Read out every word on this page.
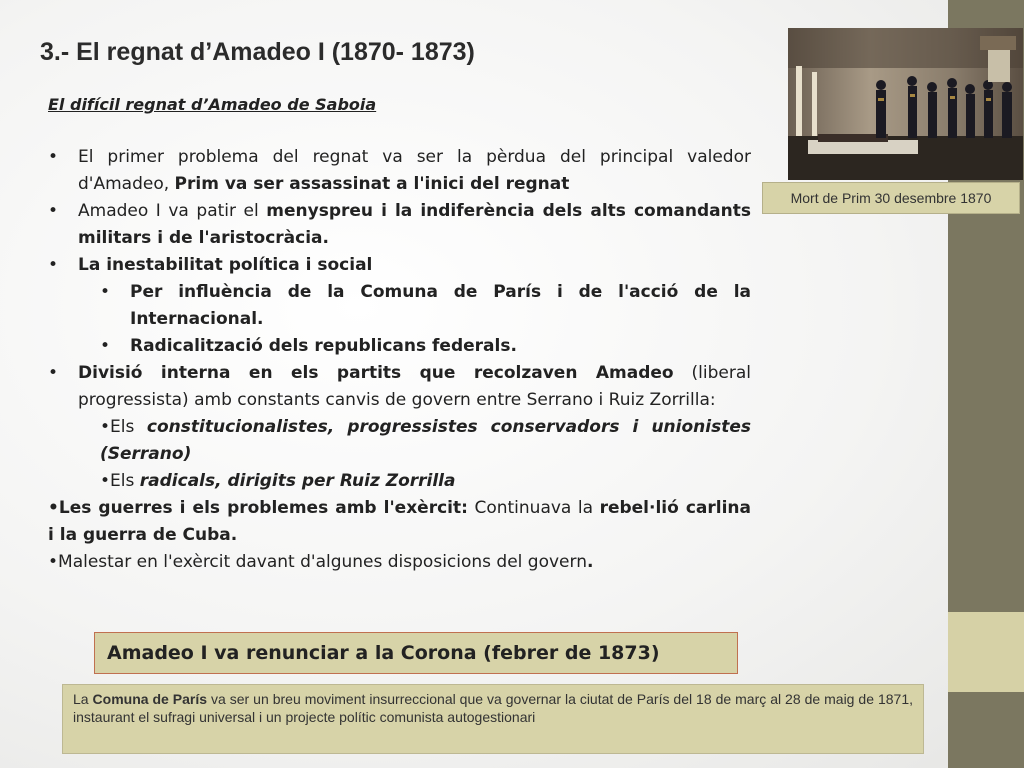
3.- El regnat d’Amadeo I (1870- 1873)

El difícil regnat d’Amadeo de Saboia

• El primer problema del regnat va ser la pèrdua del principal valedor d'Amadeo, Prim va ser assassinat a l'inici del regnat

• Amadeo I va patir el menyspreu i la indiferència dels alts comandants militars i de l'aristocràcia.

• La inestabilitat política i social

• Per influència de la Comuna de París i de l'acció de la Internacional.

• Radicalització dels republicans federals.

• Divisió interna en els partits que recolzaven Amadeo (liberal progressista) amb constants canvis de govern entre Serrano i Ruiz Zorrilla:

•Els constitucionalistes, progressistes conservadors i unionistes (Serrano)

•Els radicals, dirigits per Ruiz Zorrilla

•Les guerres i els problemes amb l'exèrcit: Continuava la rebel·lió carlina i la guerra de Cuba.

•Malestar en l'exèrcit davant d'algunes disposicions del govern.

Mort de Prim 30 desembre 1870
Amadeo I va renunciar a la Corona (febrer de 1873)
La Comuna de París va ser un breu moviment insurreccional que va governar la ciutat de París del 18 de març al 28 de maig de 1871, instaurant el sufragi universal i un projecte polític comunista autogestionari
